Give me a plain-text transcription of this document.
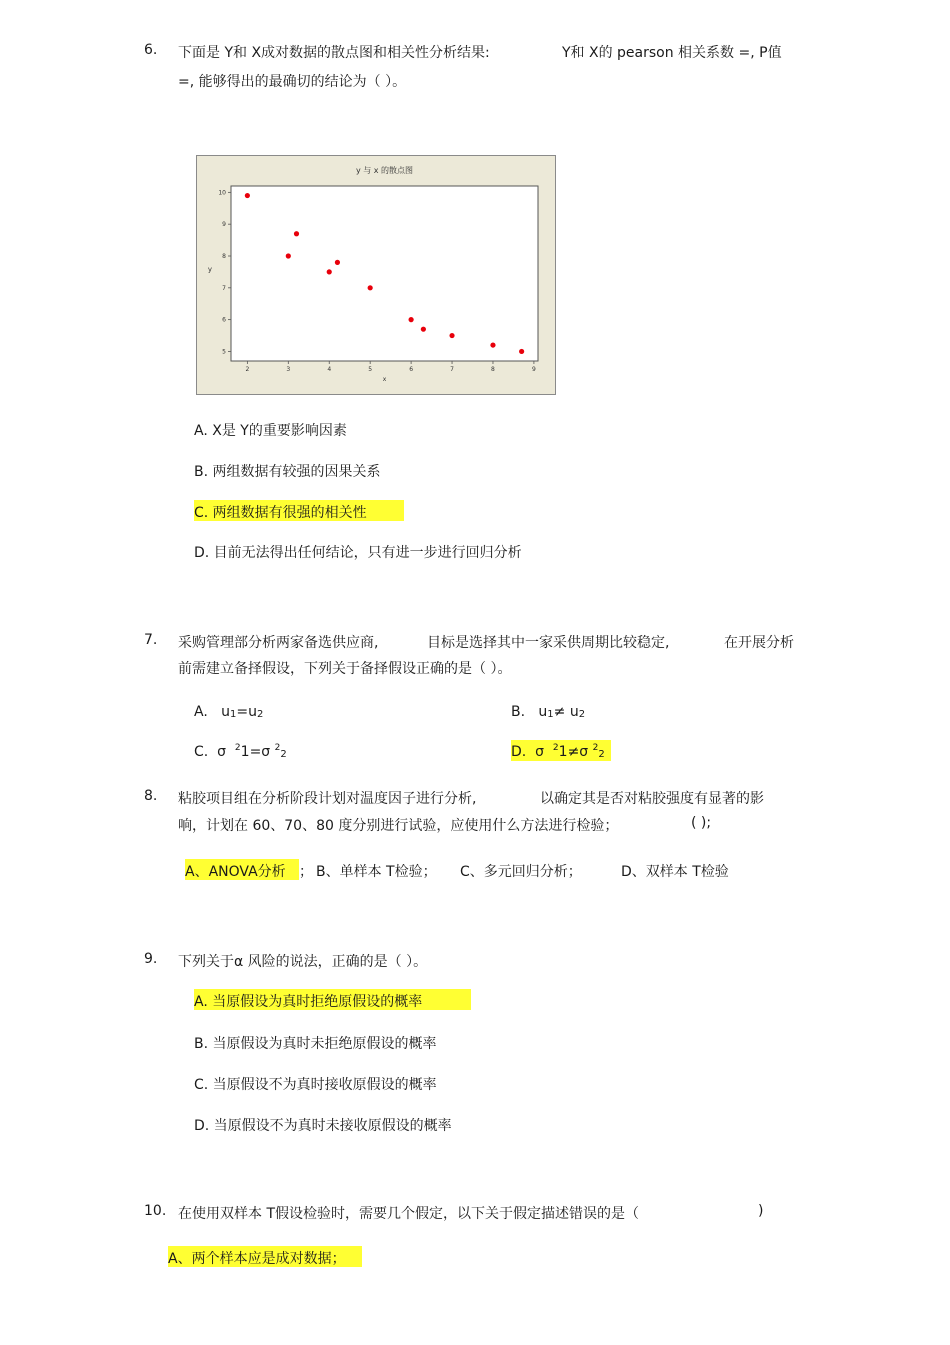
6. 下面是 Y和 X成对数据的散点图和相关性分析结果:	Y和 X的 pearson 相关系数 =, P值
=, 能够得出的最确切的结论为（ ）。
y 与 x 的散点图
x
y
2	3	4	5	6	7	8	9
5
6
7
8
9
10
A. X是 Y的重要影响因素
B. 两组数据有较强的因果关系
C. 两组数据有很强的相关性
D. 目前无法得出任何结论，只有进一步进行回归分析
7. 采购管理部分析两家备选供应商,	目标是选择其中一家采供周期比较稳定,	在开展分析
前需建立备择假设，下列关于备择假设正确的是（ ）。
A. u1=u2	B. u1≠ u2
C. σ $^2$1=σ $^2$2	D. σ $^2$1≠σ $^2$2
8. 粘胶项目组在分析阶段计划对温度因子进行分析,	以确定其是否对粘胶强度有显著的影
响，计划在 60、70、80 度分别进行试验，应使用什么方法进行检验；	( );
A、ANOVA分析 ； B、单样本 T检验； C、多元回归分析；	D、双样本 T检验
9. 下列关于α 风险的说法，正确的是（ ）。
A. 当原假设为真时拒绝原假设的概率
B. 当原假设为真时未拒绝原假设的概率
C. 当原假设不为真时接收原假设的概率
D. 当原假设不为真时未接收原假设的概率
10. 在使用双样本 T假设检验时，需要几个假定，以下关于假定描述错误的是（	)
A、两个样本应是成对数据；
